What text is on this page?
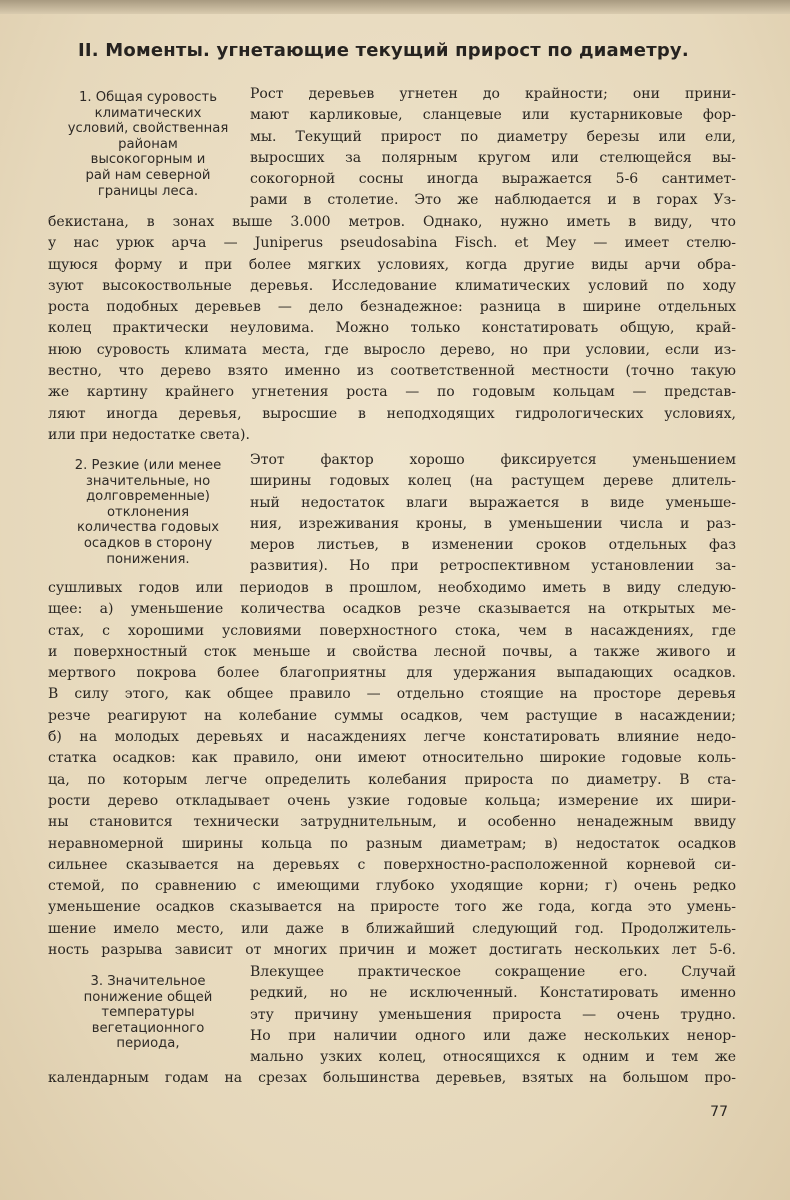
II. Моменты. угнетающие текущий прирост по диаметру.
1. Общая суровость
климатических
условий, свойственная
районам
высокогорным и
рай нам северной
границы леса.
Рост деревьев угнетен до крайности; они прини-
мают карликовые, сланцевые или кустарниковые фор-
мы. Текущий прирост по диаметру березы или ели,
выросших за полярным кругом или стелющейся вы-
сокогорной сосны иногда выражается 5-6 сантимет-
рами в столетие. Это же наблюдается и в горах Уз-
бекистана, в зонах выше 3.000 метров. Однако, нужно иметь в виду, что
у нас урюк арча — Juniperus pseudosabina Fisch. et Mey — имеет стелю-
щуюся форму и при более мягких условиях, когда другие виды арчи обра-
зуют высокоствольные деревья. Исследование климатических условий по ходу
роста подобных деревьев — дело безнадежное: разница в ширине отдельных
колец практически неуловима. Можно только констатировать общую, край-
нюю суровость климата места, где выросло дерево, но при условии, если из-
вестно, что дерево взято именно из соответственной местности (точно такую
же картину крайнего угнетения роста — по годовым кольцам — представ-
ляют иногда деревья, выросшие в неподходящих гидрологических условиях,
или при недостатке света).
2. Резкие (или менее
значительные, но
долговременные)
отклонения
количества годовых
осадков в сторону
понижения.
Этот фактор хорошо фиксируется уменьшением
ширины годовых колец (на растущем дереве длитель-
ный недостаток влаги выражается в виде уменьше-
ния, изреживания кроны, в уменьшении числа и раз-
меров листьев, в изменении сроков отдельных фаз
развития). Но при ретроспективном установлении за-
сушливых годов или периодов в прошлом, необходимо иметь в виду следую-
щее: а) уменьшение количества осадков резче сказывается на открытых ме-
стах, с хорошими условиями поверхностного стока, чем в насаждениях, где
и поверхностный сток меньше и свойства лесной почвы, а также живого и
мертвого покрова более благоприятны для удержания выпадающих осадков.
В силу этого, как общее правило — отдельно стоящие на просторе деревья
резче реагируют на колебание суммы осадков, чем растущие в насаждении;
б) на молодых деревьях и насаждениях легче констатировать влияние недо-
статка осадков: как правило, они имеют относительно широкие годовые коль-
ца, по которым легче определить колебания прироста по диаметру. В ста-
рости дерево откладывает очень узкие годовые кольца; измерение их шири-
ны становится технически затруднительным, и особенно ненадежным ввиду
неравномерной ширины кольца по разным диаметрам; в) недостаток осадков
сильнее сказывается на деревьях с поверхностно-расположенной корневой си-
стемой, по сравнению с имеющими глубоко уходящие корни; г) очень редко
уменьшение осадков сказывается на приросте того же года, когда это умень-
шение имело место, или даже в ближайший следующий год. Продолжитель-
ность разрыва зависит от многих причин и может достигать нескольких лет 5-6.
3. Значительное
понижение общей
температуры
вегетационного
периода,
Влекущее практическое сокращение его. Случай
редкий, но не исключенный. Констатировать именно
эту причину уменьшения прироста — очень трудно.
Но при наличии одного или даже нескольких ненор-
мально узких колец, относящихся к одним и тем же
календарным годам на срезах большинства деревьев, взятых на большом про-
77
